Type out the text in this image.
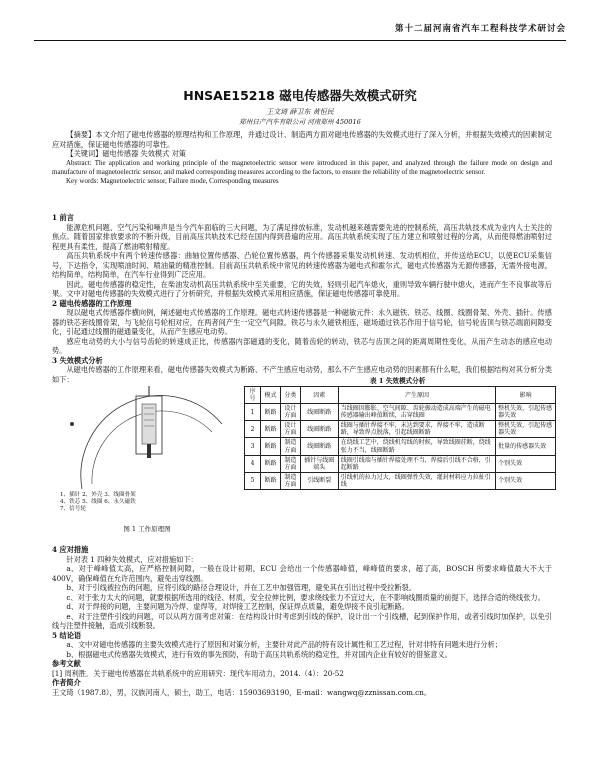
第十二届河南省汽车工程科技学术研讨会
HNSAE15218 磁电传感器失效模式研究
王文琦 薛卫东 黄恒民
郑州日产汽车有限公司 河南郑州 450016

【摘要】本文介绍了磁电传感器的原理结构和工作原理，并通过设计、制造两方面对磁电传感器的失效模式进行了深入分析，并根据失效模式的因素制定应对措施，保证磁电传感器的可靠性。

【关键词】磁电传感器 失效模式 对策

Abstract: The application and working principle of the magnetoelectric sensor were introduced in this paper, and analyzed through the failure mode on design and manufacture of magnetoelectric sensor, and maked corresponding measures according to the factors, to ensure the reliability of the magnetoelectric sensor.

Key words: Magnetoelectric sensor, Failure mode, Corresponding measures

1 前言

能源危机问题、空气污染和噪声是当今汽车面临的三大问题，为了满足排放标准，发动机越来越需要先进的控制系统，高压共轨技术成为业内人士关注的焦点。随着国家排放要求的不断升级，目前高压共轨技术已经在国内得到普遍的应用。高压共轨系统实现了压力建立和喷射过程的分离，从而使得燃油喷射过程更具有柔性，提高了燃油喷射精度。

高压共轨系统中有两个转速传感器：曲轴位置传感器、凸轮位置传感器，两个传感器采集发动机转速、发动机相位，并传送给ECU，以使ECU采集信号，下达指令，实现喷油时间、喷油量的精准控制。目前高压共轨系统中常见的转速传感器为磁电式和霍尔式，磁电式传感器为无源传感器，无需外接电源，结构简单，结构简单，在汽车行业得到广泛应用。

因此，磁电传感器的稳定性，在柴油发动机高压共轨系统中至关重要，它的失效，轻则引起汽车熄火，重则导致车辆行驶中熄火，进而产生不良事故等后果。文中对磁电传感器的失效模式进行了分析研究，并根据失效模式采用相应措施，保证磁电传感器可靠使用。

2 磁电传感器的工作原理

现以磁电式传感器作横向例，阐述磁电式传感器的工作原理。磁电式转速传感器是一种磁敏元件：永久磁铁、铁芯、线圈、线圈骨架、外壳、插针。传感器的铁芯套线圈骨架，与飞轮信号轮相对应，在两者间产生一定空气间隙。铁芯与永久磁铁相连，磁场通过铁芯作用于信号轮，信号轮齿顶与铁芯端面间隙变化，引起通过线圈的磁通量变化，从而产生感应电动势。

感应电动势的大小与信号齿轮的转速成正比，传感器内部磁通的变化，随着齿轮的转动，铁芯与齿顶之间的距离周期性变化，从而产生动态的感应电动势。

3 失效模式分析

从磁电传感器的工作原理来看，磁电传感器失效模式为断路、不产生感应电动势，那么不产生感应电动势的因素都有什么呢，我们根据结构对其分析分类如下：

1、插针 2、外壳 3、线圈骨架
4、铁芯 5、线圈 6、永久磁铁
7、信号轮
图 1 工作原理图
表 1 失效模式分析
序号	模式	分类	因素	产生原因	影响
1	断路	设计方面	线圈断路	当线圈因膨胀、空气间隙、齿轮振动造成高端产生的磁电传感器输出峰值断续，击穿线圈	整机失效，引起传感器失效
2	断路	设计方面	线圈断路	线圈与插针焊接不牢，未达到要求，焊接不牢，造成断路，导致焊点脱落，引起线圈断路	整机失效，引起传感器失效
3	断路	制造方面	线圈断路	在绕线工艺中，绕线机勾线的时候，导致线圈挂断，绕线张力不当，线圈断路	批量的传感器失效
4	断路	制造方面	插针与线圈端头	线圈引线端与插针焊接处理不当，焊接后引线不合格，引起断路	个别失效
5	断路	制造方面	引线断裂	引线机的拉力过大，线圈弹性失效，灌封材料应力拉扯引线	个别失效

4 应对措施

针对表 1 四种失效模式，应对措施如下：

a、对于峰峰值太高，应严格控制间隙，一般在设计初期，ECU 会给出一个传感器峰值，峰峰值的要求，超了高，BOSCH 所要求峰值最大不大于 400V，确保峰值在允许范围内，避免击穿线圈。

b、对于引线被拉伤的问题，应将引线的路径合理设计，并在工艺中加强管理，避免其在引出过程中受拉断裂。

c、对于张力太大的问题，就要根据所选用的线径、材质，安全拉伸比例，要求绕线张力不宜过大，在不影响线圈质量的前提下，选择合适的绕线张力。

d、对于焊接的问题，主要问题为冷焊、虚焊等，对焊接工艺控制，保证焊点质量，避免焊接不良引起断路。

e、对于注塑件引线的问题，可以从两方面考虑对策：在结构设计时考虑到引线的保护，设计出一个引线槽，起到保护作用，或者引线时加保护，以免引线与注塑件接触，造成引线断裂。

5 结论语

a、文中对磁电传感器的主要失效模式进行了原因和对策分析，主要针对此产品的特有设计属性和工艺过程，针对非特有问题未进行分析；

b、根据磁电式传感器失效模式，进行有效的事先预防，有助于高压共轨系统的稳定性，并对国内企业有较好的借鉴意义。

参考文献

[1] 周利胜．关于磁电传感器在共轨系统中的应用研究：现代车用动力，2014.（4）：20-52

作者简介

王文琦（1987.8），男，汉族河南人，硕士，助工，电话：15903693190，E-mail：wangwq@zznissan.com.cn。
